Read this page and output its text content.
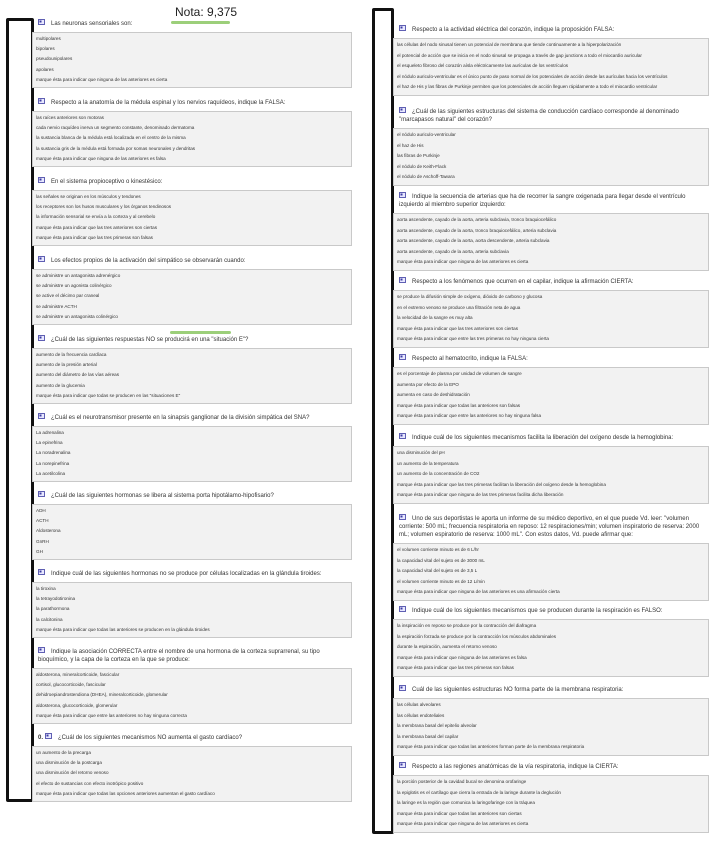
Nota: 9,375
Las neuronas sensoriales son:
multipolares
bipolares
pseudounipolares
apolares
marque ésta para indicar que ninguna de las anteriores es cierta
Respecto a la anatomía de la médula espinal y los nervios raquídeos, indique la FALSA:
las raíces anteriores son motoras
cada nervio raquídeo inerva un segmento constante, denominado dermatoma
la sustancia blanca de la médula está localizada en el centro de la misma
la sustancia gris de la médula está formada por somas neuronales y dendritas
marque ésta para indicar que ninguna de las anteriores es falsa
En el sistema propioceptivo o kinestésico:
las señales se originan en los músculos y tendones
los receptores son los husos musculares y los órganos tendinosos
la información sensorial se envía a la corteza y al cerebelo
marque ésta para indicar que las tres anteriores son ciertas
marque ésta para indicar que las tres primeras son falsas
Los efectos propios de la activación del simpático se observarán cuando:
se administre un antagonista adrenérgico
se administre un agonista colinérgico
se active el décimo par craneal
se administre ACTH
se administre un antagonista colinérgico
¿Cuál de las siguientes respuestas NO se producirá en una "situación E"?
aumento de la frecuencia cardíaca
aumento de la presión arterial
aumento del diámetro de las vías aéreas
aumento de la glucemia
marque ésta para indicar que todas se producen en las "situaciones E"
¿Cuál es el neurotransmisor presente en la sinapsis ganglionar de la división simpática del SNA?
La adrenalina
La epinefrina
La noradrenalina
La norepinefrina
La acetilcolina
¿Cuál de las siguientes hormonas se libera al sistema porta hipotálamo-hipofisario?
ADH
ACTH
Aldosterona
GnRH
GH
Indique cuál de las siguientes hormonas no se produce por células localizadas en la glándula tiroides:
la tiroxina
la tetrayodotironina
la parathormona
la calcitonina
marque ésta para indicar que todas las anteriores se producen en la glándula tiroides
Indique la asociación CORRECTA entre el nombre de una hormona de la corteza suprarrenal, su tipo bioquímico, y la capa de la corteza en la que se produce:
aldosterona, mineralcorticoide, fascicular
cortisol, glucocorticoide, fascicular
dehidroepiandrostendiona (DHEA), mineralcorticoide, glomerular
aldosterona, glucocorticoide, glomerular
marque ésta para indicar que entre las anteriores no hay ninguna correcta
0.	¿Cuál de los siguientes mecanismos NO aumenta el gasto cardíaco?
un aumento de la precarga
una disminución de la postcarga
una disminución del retorno venoso
el efecto de sustancias con efecto inotrópico positivo
marque ésta para indicar que todas las opciones anteriores aumentan el gasto cardíaco
Respecto a la actividad eléctrica del corazón, indique la proposición FALSA:
las células del nodo sinusal tienen un potencial de membrana que tiende continuamente a la hiperpolarización
el potencial de acción que se inicia en el nodo sinusal se propaga a través de gap junctions a todo el miocardio auricular
el esqueleto fibroso del corazón aísla eléctricamente las aurículas de los ventrículos
el nódulo auriculo-ventricular es el único punto de paso normal de los potenciales de acción desde las aurículas hacia los ventrículos
el haz de His y las fibras de Purkinje permiten que los potenciales de acción lleguen rápidamente a todo el miocardio ventricular
¿Cuál de las siguientes estructuras del sistema de conducción cardíaco corresponde al denominado "marcapasos natural" del corazón?
el nódulo auriculo-ventricular
el haz de His
las fibras de Purkinje
el nódulo de Keith-Flack
el nódulo de Aschoff-Tawara
Indique la secuencia de arterias que ha de recorrer la sangre oxigenada para llegar desde el ventrículo izquierdo al miembro superior izquierdo:
aorta ascendente, cayado de la aorta, arteria subclavia, tronco braquiocefálico
aorta ascendente, cayado de la aorta, tronco braquiocefálico, arteria subclavia
aorta ascendente, cayado de la aorta, aorta descendente, arteria subclavia
aorta ascendente, cayado de la aorta, arteria subclavia
marque ésta para indicar que ninguna de las anteriores es cierta
Respecto a los fenómenos que ocurren en el capilar, indique la afirmación CIERTA:
se produce la difusión simple de oxígeno, dióxido de carbono y glucosa
en el extremo venoso se produce una filtración neta de agua
la velocidad de la sangre es muy alta
marque ésta para indicar que las tres anteriores son ciertas
marque ésta para indicar que entre las tres primeras no hay ninguna cierta
Respecto al hematocrito, indique la FALSA:
es el porcentaje de plasma por unidad de volumen de sangre
aumenta por efecto de la EPO
aumenta en caso de deshidratación
marque ésta para indicar que todas las anteriores son falsas
marque ésta para indicar que entre las anteriores no hay ninguna falsa
Indique cuál de los siguientes mecanismos facilita la liberación del oxígeno desde la hemoglobina:
una disminución del pH
un aumento de la temperatura
un aumento de la concentración de CO2
marque ésta para indicar que las tres primeras facilitan la liberación del oxígeno desde la hemoglobina
marque ésta para indicar que ninguna de las tres primeras facilita dicha liberación
Uno de sus deportistas le aporta un informe de su médico deportivo, en el que puede Vd. leer: "volumen corriente: 500 mL; frecuencia respiratoria en reposo: 12 respiraciones/min; volumen inspiratorio de reserva: 2000 mL; volumen espiratorio de reserva: 1000 mL". Con estos datos, Vd. puede afirmar que:
el volumen corriente minuto es de 6 L/hr
la capacidad vital del sujeto es de 3000 mL
la capacidad vital del sujeto es de 3,5 L
el volumen corriente minuto es de 12 L/min
marque ésta para indicar que ninguna de las anteriores es una afirmación cierta
Indique cuál de los siguientes mecanismos que se producen durante la respiración es FALSO:
la inspiración en reposo se produce por la contracción del diafragma
la espiración forzada se produce por la contracción los músculos abdominales
durante la espiración, aumenta el retorno venoso
marque ésta para indicar que ninguna de las anteriores es falsa
marque ésta para indicar que las tres primeras son falsas
Cuál de las siguientes estructuras NO forma parte de la membrana respiratoria:
las células alveolares
las células endoteliales
la membrana basal del epitelio alveolar
la membrana basal del capilar
marque ésta para indicar que todas las anteriores forman parte de la membrana respiratoria
Respecto a las regiones anatómicas de la vía respiratoria, indique la CIERTA:
la porción posterior de la cavidad bucal se denomina orofaringe
la epiglotis es el cartílago que cierra la entrada de la laringe durante la deglución
la laringe es la región que comunica la laringofaringe con la tráquea
marque ésta para indicar que todas las anteriores son ciertas
marque ésta para indicar que ninguna de las anteriores es cierta
